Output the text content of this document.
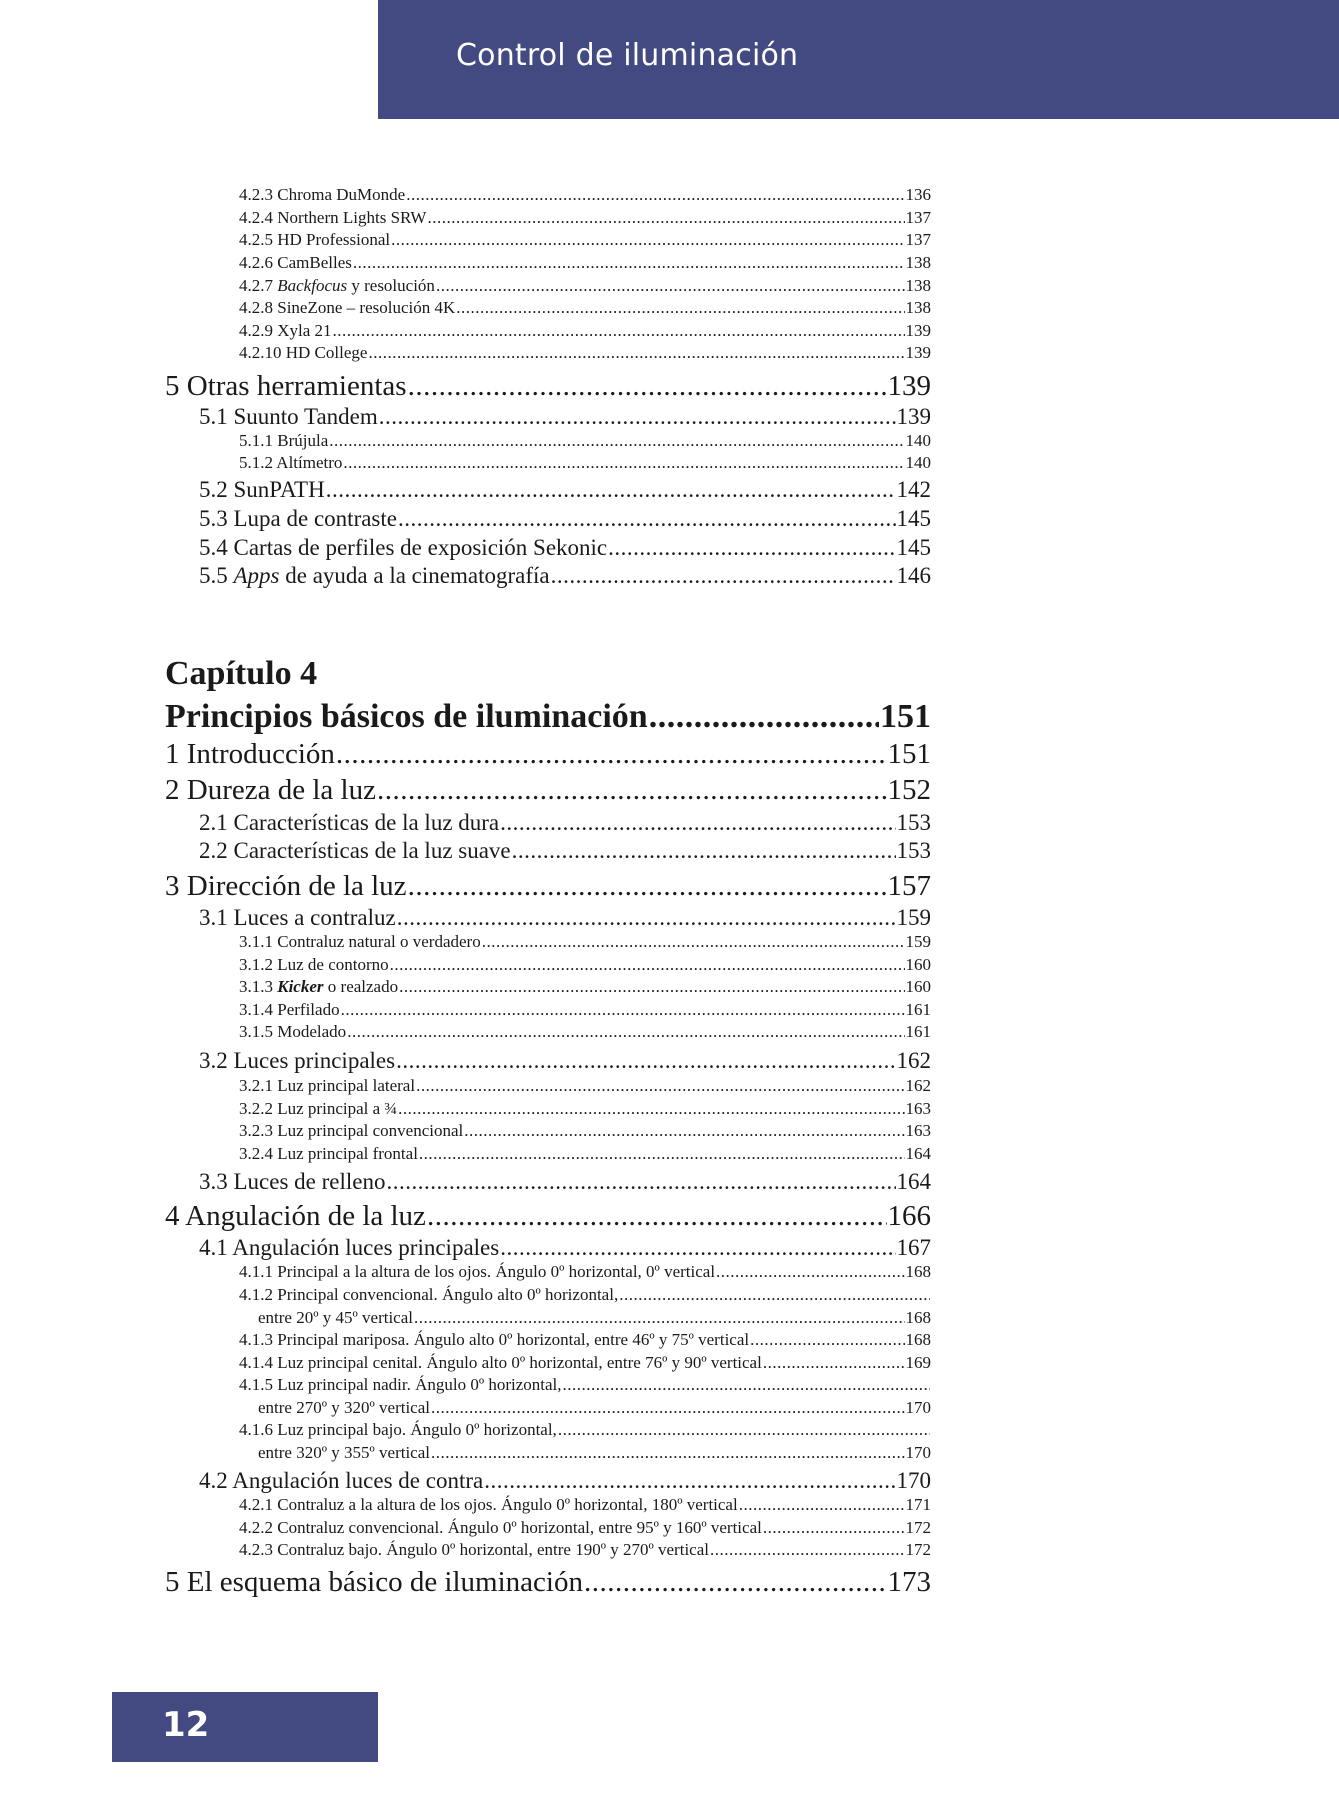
Control de iluminación
4.2.3 Chroma DuMonde .....	136
4.2.4 Northern Lights SRW .....	137
4.2.5 HD Professional .....	137
4.2.6 CamBelles .....	138
4.2.7 Backfocus y resolución .....	138
4.2.8 SineZone – resolución 4K .....	138
4.2.9 Xyla 21 .....	139
4.2.10 HD College .....	139
5 Otras herramientas .....	139
5.1 Suunto Tandem .....	139
5.1.1 Brújula .....	140
5.1.2 Altímetro .....	140
5.2 SunPATH .....	142
5.3 Lupa de contraste .....	145
5.4 Cartas de perfiles de exposición Sekonic .....	145
5.5 Apps de ayuda a la cinematografía .....	146
Capítulo 4
Principios básicos de iluminación .....	151
1 Introducción .....	151
2 Dureza de la luz .....	152
2.1 Características de la luz dura .....	153
2.2 Características de la luz suave .....	153
3 Dirección de la luz .....	157
3.1 Luces a contraluz .....	159
3.1.1 Contraluz natural o verdadero .....	159
3.1.2 Luz de contorno .....	160
3.1.3 Kicker o realzado .....	160
3.1.4 Perfilado .....	161
3.1.5 Modelado .....	161
3.2 Luces principales .....	162
3.2.1 Luz principal lateral .....	162
3.2.2 Luz principal a ¾ .....	163
3.2.3 Luz principal convencional .....	163
3.2.4 Luz principal frontal .....	164
3.3 Luces de relleno .....	164
4 Angulación de la luz .....	166
4.1 Angulación luces principales .....	167
4.1.1 Principal a la altura de los ojos. Ángulo 0º horizontal, 0º vertical .....	168
4.1.2 Principal convencional. Ángulo alto 0º horizontal,
.....
entre 20º y 45º vertical .....	168
4.1.3 Principal mariposa. Ángulo alto 0º horizontal, entre 46º y 75º vertical .....	168
4.1.4 Luz principal cenital. Ángulo alto 0º horizontal, entre 76º y 90º vertical .....	169
4.1.5 Luz principal nadir. Ángulo 0º horizontal,
.....
entre 270º y 320º vertical .....	170
4.1.6 Luz principal bajo. Ángulo 0º horizontal,
.....
entre 320º y 355º vertical .....	170
4.2 Angulación luces de contra .....	170
4.2.1 Contraluz a la altura de los ojos. Ángulo 0º horizontal, 180º vertical .....	171
4.2.2 Contraluz convencional. Ángulo 0º horizontal, entre 95º y 160º vertical .....	172
4.2.3 Contraluz bajo. Ángulo 0º horizontal, entre 190º y 270º vertical .....	172
5 El esquema básico de iluminación .....	173
12
